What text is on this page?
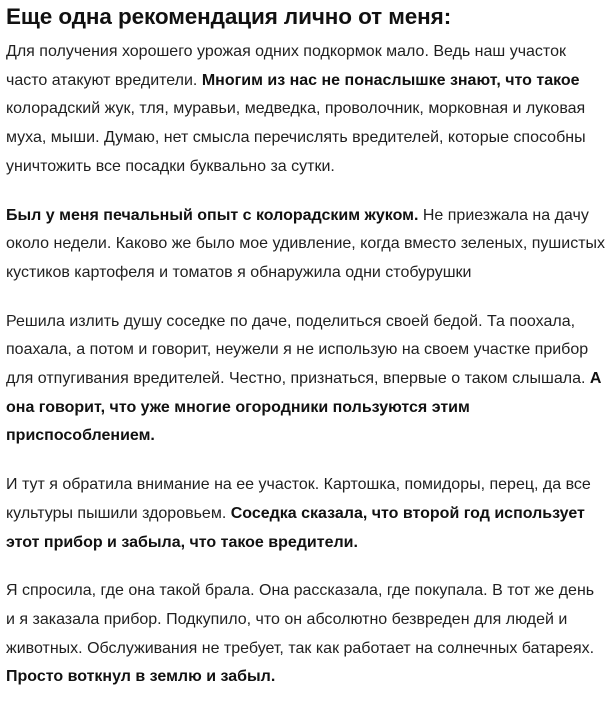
Еще одна рекомендация лично от меня:

Для получения хорошего урожая одних подкормок мало. Ведь наш участок часто атакуют вредители. Многим из нас не понаслышке знают, что такое колорадский жук, тля, муравьи, медведка, проволочник, морковная и луковая муха, мыши. Думаю, нет смысла перечислять вредителей, которые способны уничтожить все посадки буквально за сутки.

Был у меня печальный опыт с колорадским жуком. Не приезжала на дачу около недели. Каково же было мое удивление, когда вместо зеленых, пушистых кустиков картофеля и томатов я обнаружила одни стобурушки

Решила излить душу соседке по даче, поделиться своей бедой. Та поохала, поахала, а потом и говорит, неужели я не использую на своем участке прибор для отпугивания вредителей. Честно, признаться, впервые о таком слышала. А она говорит, что уже многие огородники пользуются этим приспособлением.

И тут я обратила внимание на ее участок. Картошка, помидоры, перец, да все культуры пышили здоровьем. Соседка сказала, что второй год использует этот прибор и забыла, что такое вредители.

Я спросила, где она такой брала. Она рассказала, где покупала. В тот же день и я заказала прибор. Подкупило, что он абсолютно безвреден для людей и животных. Обслуживания не требует, так как работает на солнечных батареях. Просто воткнул в землю и забыл.
